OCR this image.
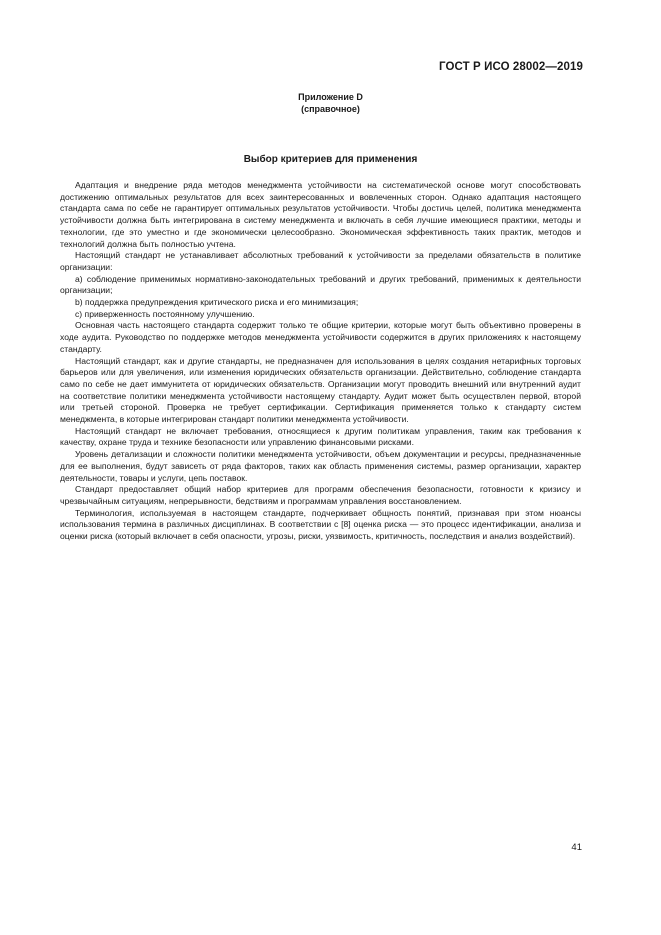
ГОСТ Р ИСО 28002—2019
Приложение D
(справочное)
Выбор критериев для применения

Адаптация и внедрение ряда методов менеджмента устойчивости на систематической основе могут способствовать достижению оптимальных результатов для всех заинтересованных и вовлеченных сторон. Однако адаптация настоящего стандарта сама по себе не гарантирует оптимальных результатов устойчивости. Чтобы достичь целей, политика менеджмента устойчивости должна быть интегрирована в систему менеджмента и включать в себя лучшие имеющиеся практики, методы и технологии, где это уместно и где экономически целесообразно. Экономическая эффективность таких практик, методов и технологий должна быть полностью учтена.

Настоящий стандарт не устанавливает абсолютных требований к устойчивости за пределами обязательств в политике организации:

a) соблюдение применимых нормативно-законодательных требований и других требований, применимых к деятельности организации;

b) поддержка предупреждения критического риска и его минимизация;

c) приверженность постоянному улучшению.

Основная часть настоящего стандарта содержит только те общие критерии, которые могут быть объективно проверены в ходе аудита. Руководство по поддержке методов менеджмента устойчивости содержится в других приложениях к настоящему стандарту.

Настоящий стандарт, как и другие стандарты, не предназначен для использования в целях создания нетарифных торговых барьеров или для увеличения, или изменения юридических обязательств организации. Действительно, соблюдение стандарта само по себе не дает иммунитета от юридических обязательств. Организации могут проводить внешний или внутренний аудит на соответствие политики менеджмента устойчивости настоящему стандарту. Аудит может быть осуществлен первой, второй или третьей стороной. Проверка не требует сертификации. Сертификация применяется только к стандарту систем менеджмента, в которые интегрирован стандарт политики менеджмента устойчивости.

Настоящий стандарт не включает требования, относящиеся к другим политикам управления, таким как требования к качеству, охране труда и технике безопасности или управлению финансовыми рисками.

Уровень детализации и сложности политики менеджмента устойчивости, объем документации и ресурсы, предназначенные для ее выполнения, будут зависеть от ряда факторов, таких как область применения системы, размер организации, характер деятельности, товары и услуги, цепь поставок.

Стандарт предоставляет общий набор критериев для программ обеспечения безопасности, готовности к кризису и чрезвычайным ситуациям, непрерывности, бедствиям и программам управления восстановлением.

Терминология, используемая в настоящем стандарте, подчеркивает общность понятий, признавая при этом нюансы использования термина в различных дисциплинах. В соответствии с [8] оценка риска — это процесс идентификации, анализа и оценки риска (который включает в себя опасности, угрозы, риски, уязвимость, критичность, последствия и анализ воздействий).

41
